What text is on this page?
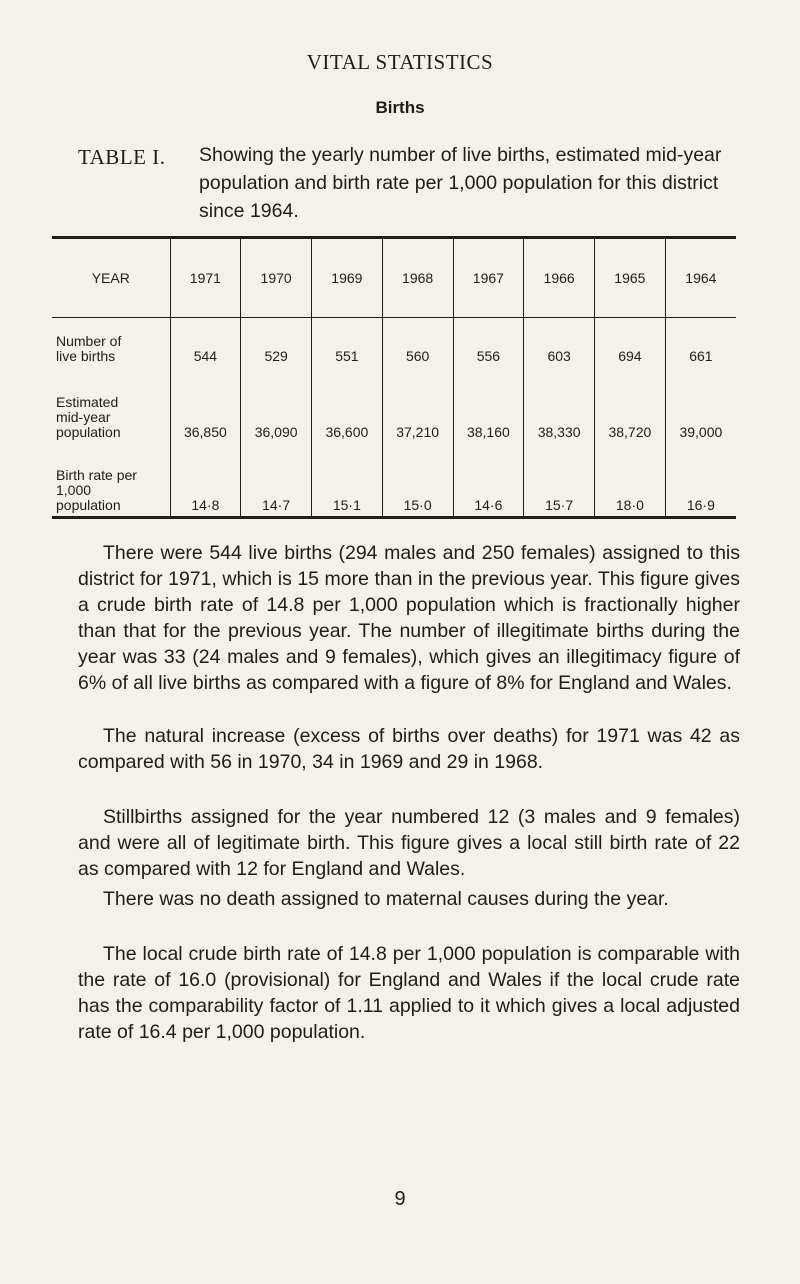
VITAL STATISTICS
Births
TABLE I. Showing the yearly number of live births, estimated mid-year population and birth rate per 1,000 population for this district since 1964.
YEAR	1971	1970	1969	1968	1967	1966	1965	1964
Number of
live births	544	529	551	560	556	603	694	661
Estimated
mid-year
population	36,850	36,090	36,600	37,210	38,160	38,330	38,720	39,000
Birth rate per
1,000
population	14·8	14·7	15·1	15·0	14·6	15·7	18·0	16·9

There were 544 live births (294 males and 250 females) assigned to this district for 1971, which is 15 more than in the previous year. This figure gives a crude birth rate of 14.8 per 1,000 population which is fractionally higher than that for the previous year. The number of illegitimate births during the year was 33 (24 males and 9 females), which gives an illegitimacy figure of 6% of all live births as compared with a figure of 8% for England and Wales.

The natural increase (excess of births over deaths) for 1971 was 42 as compared with 56 in 1970, 34 in 1969 and 29 in 1968.

Stillbirths assigned for the year numbered 12 (3 males and 9 females) and were all of legitimate birth. This figure gives a local still birth rate of 22 as compared with 12 for England and Wales.

There was no death assigned to maternal causes during the year.

The local crude birth rate of 14.8 per 1,000 population is comparable with the rate of 16.0 (provisional) for England and Wales if the local crude rate has the comparability factor of 1.11 applied to it which gives a local adjusted rate of 16.4 per 1,000 population.

9
